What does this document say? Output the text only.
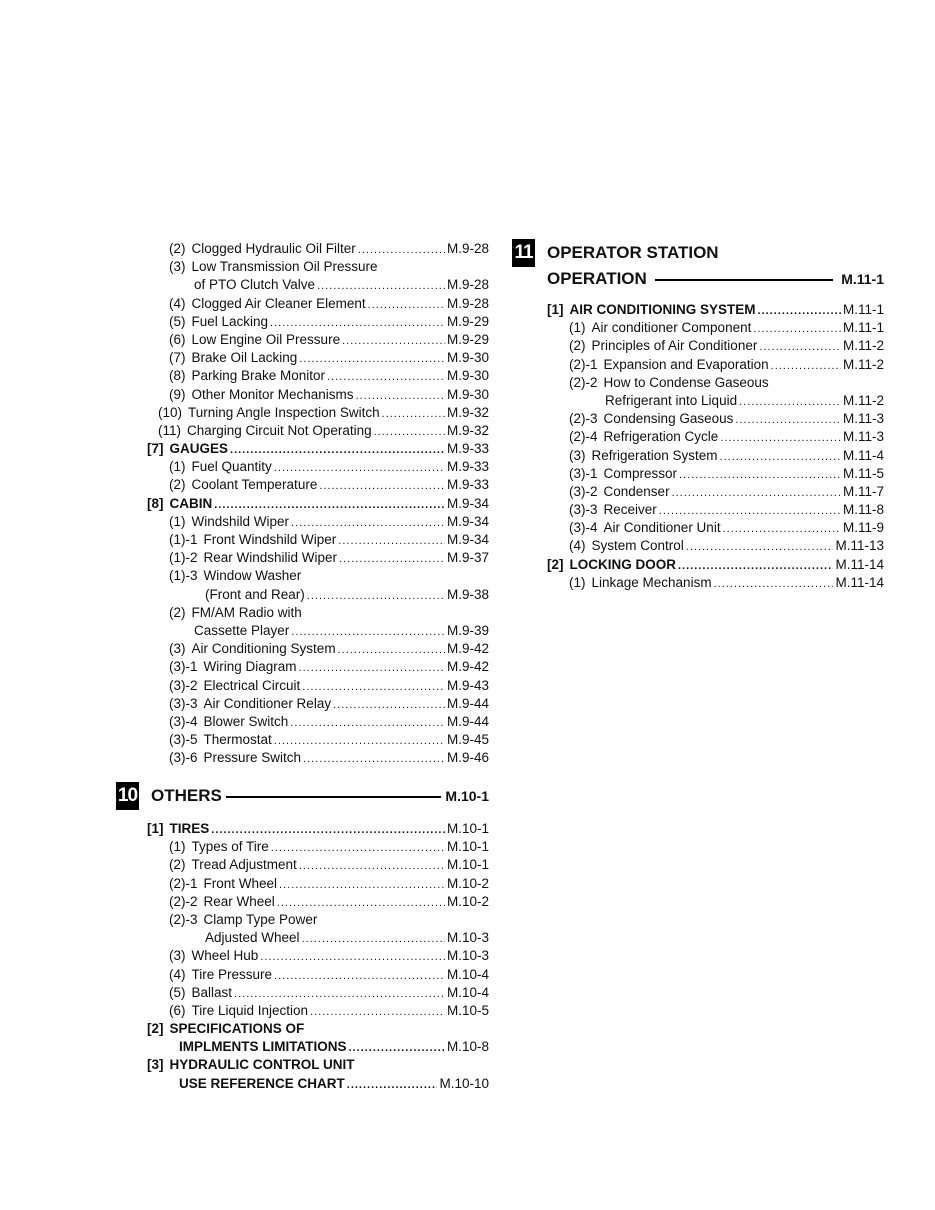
(2) Clogged Hydraulic Oil Filter .....	M.9-28
(3) Low Transmission Oil Pressure
of PTO Clutch Valve .....	M.9-28
(4) Clogged Air Cleaner Element .....	M.9-28
(5) Fuel Lacking .....	M.9-29
(6) Low Engine Oil Pressure .....	M.9-29
(7) Brake Oil Lacking .....	M.9-30
(8) Parking Brake Monitor .....	M.9-30
(9) Other Monitor Mechanisms .....	M.9-30
(10) Turning Angle Inspection Switch .....	M.9-32
(11) Charging Circuit Not Operating .....	M.9-32
[7] GAUGES .....	M.9-33
(1) Fuel Quantity .....	M.9-33
(2) Coolant Temperature .....	M.9-33
[8] CABIN .....	M.9-34
(1) Windshild Wiper .....	M.9-34
(1)-1 Front Windshild Wiper .....	M.9-34
(1)-2 Rear Windshilid Wiper .....	M.9-37
(1)-3 Window Washer
(Front and Rear) .....	M.9-38
(2) FM/AM Radio with
Cassette Player .....	M.9-39
(3) Air Conditioning System .....	M.9-42
(3)-1 Wiring Diagram .....	M.9-42
(3)-2 Electrical Circuit .....	M.9-43
(3)-3 Air Conditioner Relay .....	M.9-44
(3)-4 Blower Switch .....	M.9-44
(3)-5 Thermostat .....	M.9-45
(3)-6 Pressure Switch .....	M.9-46
10 OTHERS	M.10-1
[1] TIRES .....	M.10-1
(1) Types of Tire .....	M.10-1
(2) Tread Adjustment .....	M.10-1
(2)-1 Front Wheel .....	M.10-2
(2)-2 Rear Wheel .....	M.10-2
(2)-3 Clamp Type Power
Adjusted Wheel .....	M.10-3
(3) Wheel Hub .....	M.10-3
(4) Tire Pressure .....	M.10-4
(5) Ballast .....	M.10-4
(6) Tire Liquid Injection .....	M.10-5
[2] SPECIFICATIONS OF
IMPLMENTS LIMITATIONS .....	M.10-8
[3] HYDRAULIC CONTROL UNIT
USE REFERENCE CHART .....	M.10-10
11 OPERATOR STATION
OPERATION	M.11-1
[1] AIR CONDITIONING SYSTEM .....	M.11-1
(1) Air conditioner Component .....	M.11-1
(2) Principles of Air Conditioner .....	M.11-2
(2)-1 Expansion and Evaporation .....	M.11-2
(2)-2 How to Condense Gaseous
Refrigerant into Liquid .....	M.11-2
(2)-3 Condensing Gaseous .....	M.11-3
(2)-4 Refrigeration Cycle .....	M.11-3
(3) Refrigeration System .....	M.11-4
(3)-1 Compressor .....	M.11-5
(3)-2 Condenser .....	M.11-7
(3)-3 Receiver .....	M.11-8
(3)-4 Air Conditioner Unit .....	M.11-9
(4) System Control .....	M.11-13
[2] LOCKING DOOR .....	M.11-14
(1) Linkage Mechanism .....	M.11-14
